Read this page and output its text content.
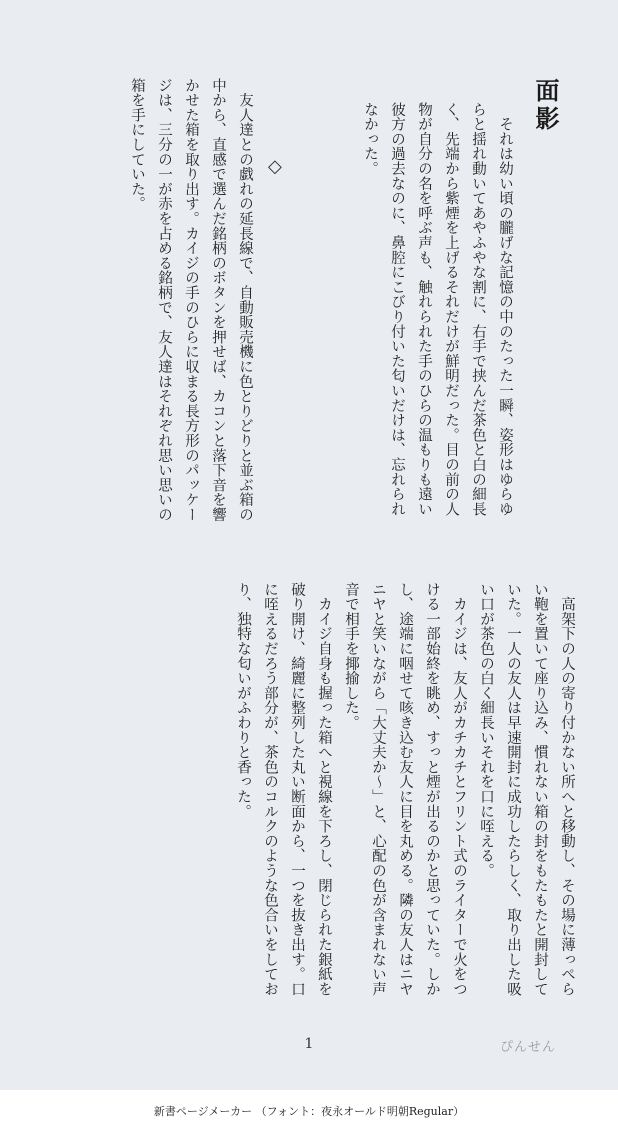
面影

　それは幼い頃の朧げな記憶の中のたった一瞬、姿形はゆらゆらと揺れ動いてあやふやな割に、右手で挟んだ茶色と白の細長く、先端から紫煙を上げるそれだけが鮮明だった。目の前の人物が自分の名を呼ぶ声も、触れられた手のひらの温もりも遠い彼方の過去なのに、鼻腔にこびり付いた匂いだけは、忘れられなかった。

◇

　友人達との戯れの延長線で、自動販売機に色とりどりと並ぶ箱の中から、直感で選んだ銘柄のボタンを押せば、カコンと落下音を響かせた箱を取り出す。カイジの手のひらに収まる長方形のパッケージは、三分の一が赤を占める銘柄で、友人達はそれぞれ思い思いの箱を手にしていた。

　高架下の人の寄り付かない所へと移動し、その場に薄っぺらい鞄を置いて座り込み、慣れない箱の封をもたもたと開封していた。一人の友人は早速開封に成功したらしく、取り出した吸い口が茶色の白く細長いそれを口に咥える。
　カイジは、友人がカチカチとフリント式のライターで火をつける一部始終を眺め、すっと煙が出るのかと思っていた。しかし、途端に咽せて咳き込む友人に目を丸める。隣の友人はニヤニヤと笑いながら「大丈夫か〜」と、心配の色が含まれない声音で相手を揶揄した。
　カイジ自身も握った箱へと視線を下ろし、閉じられた銀紙を破り開け、綺麗に整列した丸い断面から、一つを抜き出す。口に咥えるだろう部分が、茶色のコルクのような色合いをしており、独特な匂いがふわりと香った。

1	ぴんせん
新書ページメーカー （フォント：夜永オールド明朝Regular）
